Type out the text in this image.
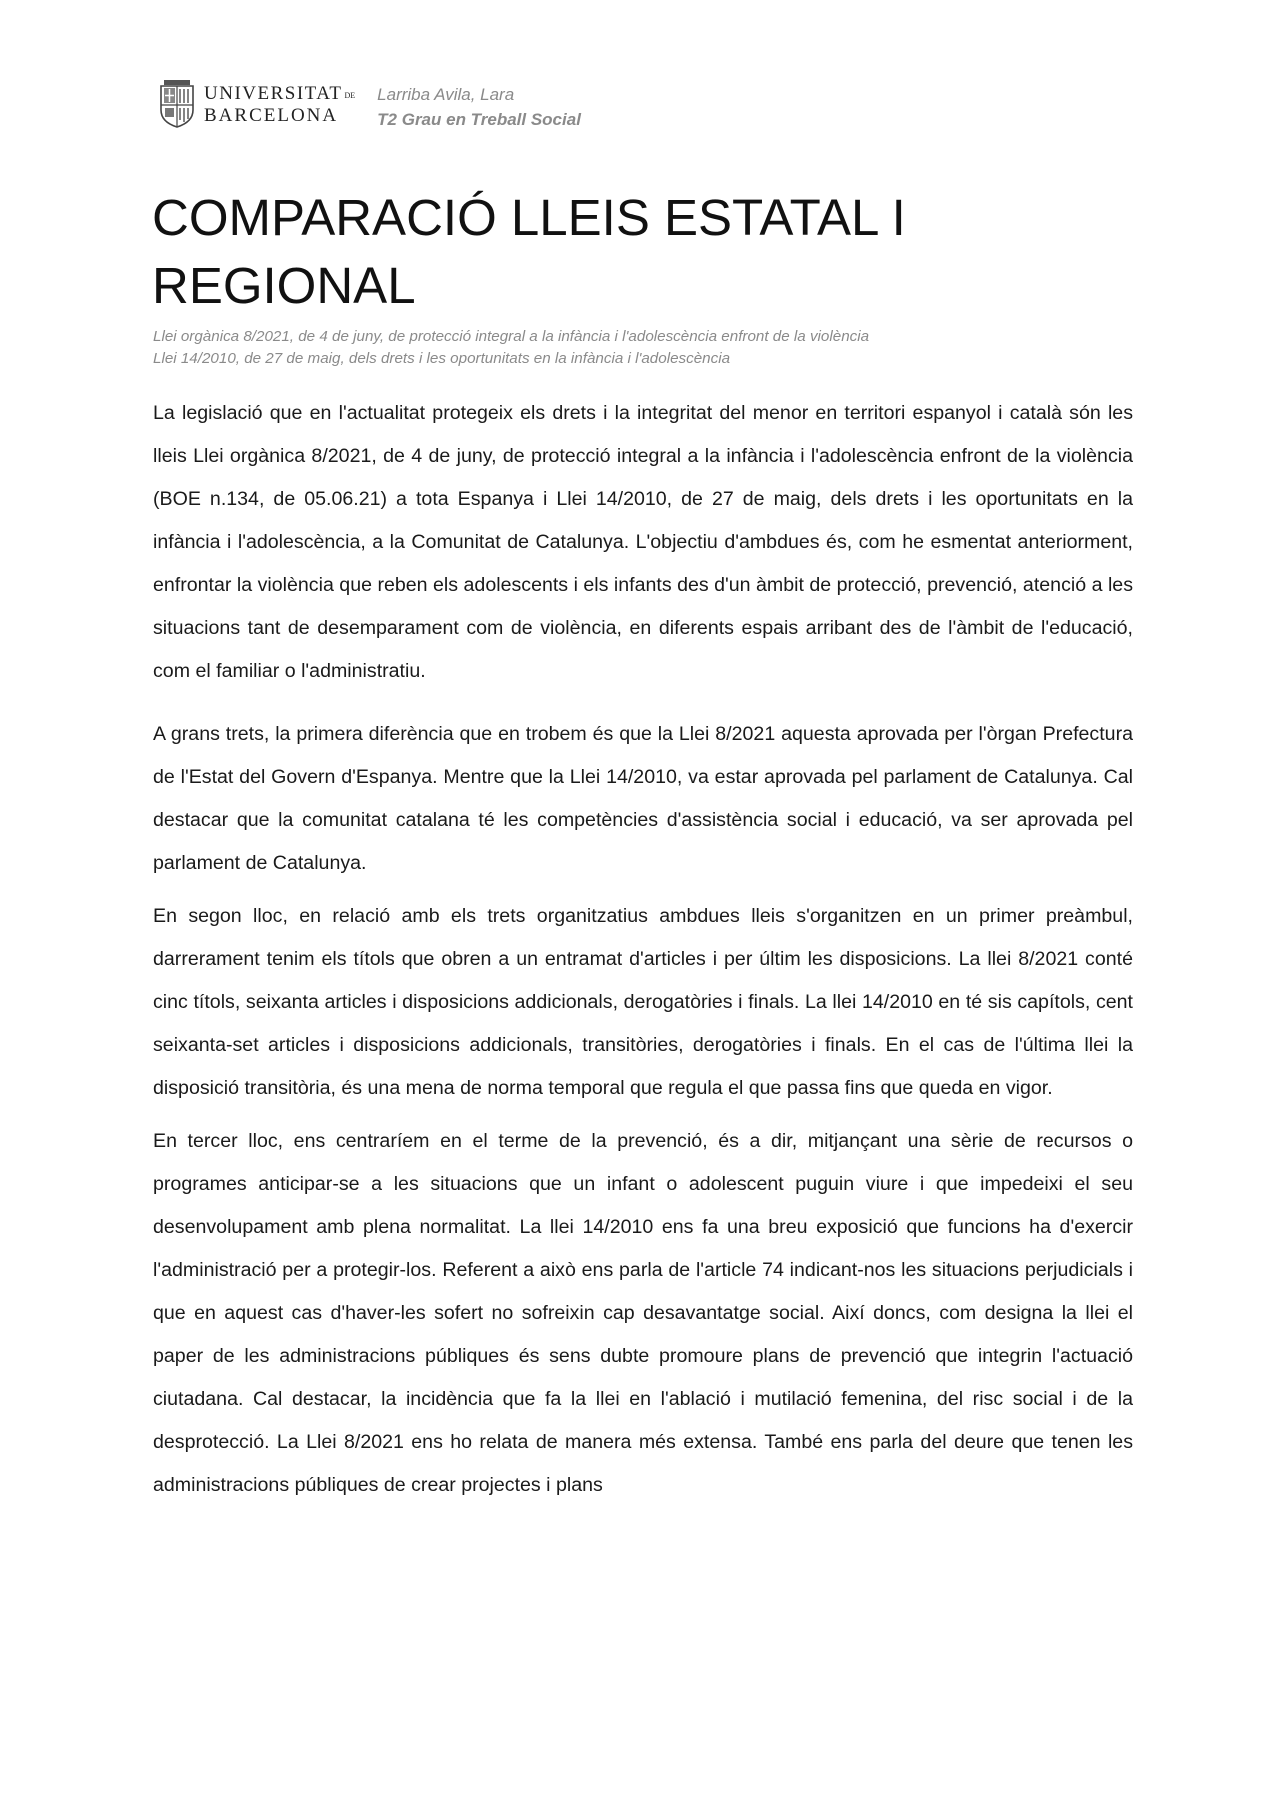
UNIVERSITAT DE
BARCELONA
Larriba Avila, Lara
T2 Grau en Treball Social
COMPARACIÓ LLEIS ESTATAL I REGIONAL
Llei orgànica 8/2021, de 4 de juny, de protecció integral a la infància i l'adolescència enfront de la violència
Llei 14/2010, de 27 de maig, dels drets i les oportunitats en la infància i l'adolescència

La legislació que en l'actualitat protegeix els drets i la integritat del menor en territori espanyol i català són les lleis Llei orgànica 8/2021, de 4 de juny, de protecció integral a la infància i l'adolescència enfront de la violència (BOE n.134, de 05.06.21) a tota Espanya i Llei 14/2010, de 27 de maig, dels drets i les oportunitats en la infància i l'adolescència, a la Comunitat de Catalunya. L'objectiu d'ambdues és, com he esmentat anteriorment, enfrontar la violència que reben els adolescents i els infants des d'un àmbit de protecció, prevenció, atenció a les situacions tant de desemparament com de violència, en diferents espais arribant des de l'àmbit de l'educació, com el familiar o l'administratiu.

A grans trets, la primera diferència que en trobem és que la Llei 8/2021 aquesta aprovada per l'òrgan Prefectura de l'Estat del Govern d'Espanya. Mentre que la Llei 14/2010, va estar aprovada pel parlament de Catalunya. Cal destacar que la comunitat catalana té les competències d'assistència social i educació, va ser aprovada pel parlament de Catalunya.

En segon lloc, en relació amb els trets organitzatius ambdues lleis s'organitzen en un primer preàmbul, darrerament tenim els títols que obren a un entramat d'articles i per últim les disposicions. La llei 8/2021 conté cinc títols, seixanta articles i disposicions addicionals, derogatòries i finals. La llei 14/2010 en té sis capítols, cent seixanta-set articles i disposicions addicionals, transitòries, derogatòries i finals. En el cas de l'última llei la disposició transitòria, és una mena de norma temporal que regula el que passa fins que queda en vigor.

En tercer lloc, ens centraríem en el terme de la prevenció, és a dir, mitjançant una sèrie de recursos o programes anticipar-se a les situacions que un infant o adolescent puguin viure i que impedeixi el seu desenvolupament amb plena normalitat. La llei 14/2010 ens fa una breu exposició que funcions ha d'exercir l'administració per a protegir-los. Referent a això ens parla de l'article 74 indicant-nos les situacions perjudicials i que en aquest cas d'haver-les sofert no sofreixin cap desavantatge social. Així doncs, com designa la llei el paper de les administracions públiques és sens dubte promoure plans de prevenció que integrin l'actuació ciutadana. Cal destacar, la incidència que fa la llei en l'ablació i mutilació femenina, del risc social i de la desprotecció. La Llei 8/2021 ens ho relata de manera més extensa. També ens parla del deure que tenen les administracions públiques de crear projectes i plans
